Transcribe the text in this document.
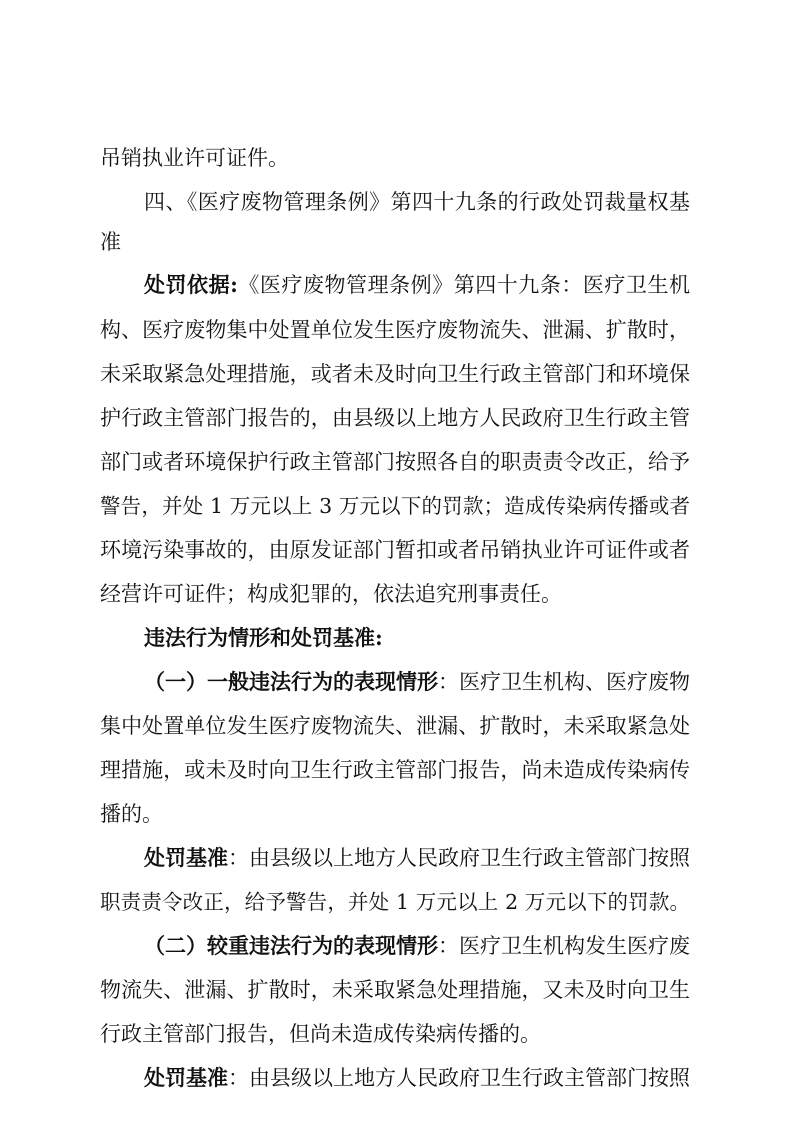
吊销执业许可证件。
四、《医疗废物管理条例》第四十九条的行政处罚裁量权基
准
处罚依据:《医疗废物管理条例》第四十九条：医疗卫生机
构、医疗废物集中处置单位发生医疗废物流失、泄漏、扩散时，
未采取紧急处理措施，或者未及时向卫生行政主管部门和环境保
护行政主管部门报告的，由县级以上地方人民政府卫生行政主管
部门或者环境保护行政主管部门按照各自的职责责令改正，给予
警告，并处 1 万元以上 3 万元以下的罚款；造成传染病传播或者
环境污染事故的，由原发证部门暂扣或者吊销执业许可证件或者
经营许可证件；构成犯罪的，依法追究刑事责任。
违法行为情形和处罚基准:
（一）一般违法行为的表现情形：医疗卫生机构、医疗废物
集中处置单位发生医疗废物流失、泄漏、扩散时，未采取紧急处
理措施，或未及时向卫生行政主管部门报告，尚未造成传染病传
播的。
处罚基准：由县级以上地方人民政府卫生行政主管部门按照
职责责令改正，给予警告，并处 1 万元以上 2 万元以下的罚款。
（二）较重违法行为的表现情形：医疗卫生机构发生医疗废
物流失、泄漏、扩散时，未采取紧急处理措施，又未及时向卫生
行政主管部门报告，但尚未造成传染病传播的。
处罚基准：由县级以上地方人民政府卫生行政主管部门按照
